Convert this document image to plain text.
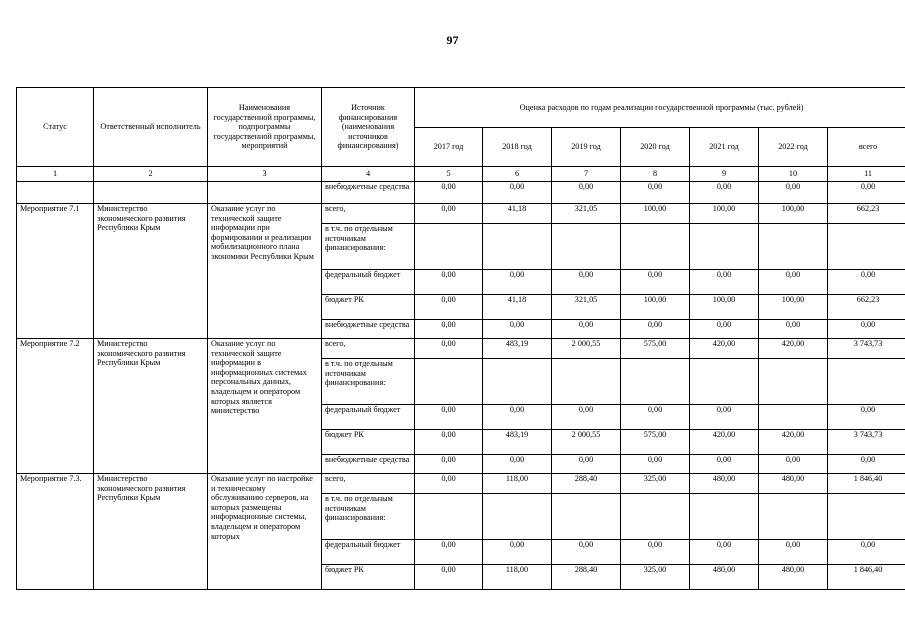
97
Статус	Ответственный исполнитель	Наименования государственной программы, подпрограммы государственной программы, мероприятий	Источник финансирования (наименования источников финансирования)	Оценка расходов по годам реализации государственной программы (тыс. рублей)						
				2017 год	2018 год	2019 год	2020 год	2021 год	2022 год	всего
1	2	3	4	5	6	7	8	9	10	11
			внебюджетные средства	0,00	0,00	0,00	0,00	0,00	0,00	0,00
Мероприятие 7.1	Министерство экономического развития Республики Крым	Оказание услуг по технической защите информации при формировании и реализации мобилизационного плана экономики Республики Крым	всего,	0,00	41,18	321,05	100,00	100,00	100,00	662,23
			в т.ч. по отдельным источникам финансирования:							
			федеральный бюджет	0,00	0,00	0,00	0,00	0,00	0,00	0,00
			бюджет РК	0,00	41,18	321,05	100,00	100,00	100,00	662,23
			внебюджетные средства	0,00	0,00	0,00	0,00	0,00	0,00	0,00
Мероприятие 7.2	Министерство экономического развития Республики Крым	Оказание услуг по технической защите информации в информационных системах персональных данных, владельцем и оператором которых является министерство	всего,	0,00	483,19	2 000,55	575,00	420,00	420,00	3 743,73
			в т.ч. по отдельным источникам финансирования:							
			федеральный бюджет	0,00	0,00	0,00	0,00	0,00		0,00
			бюджет РК	0,00	483,19	2 000,55	575,00	420,00	420,00	3 743,73
			внебюджетные средства	0,00	0,00	0,00	0,00	0,00	0,00	0,00
Мероприятие 7.3.	Министерство экономического развития Республики Крым	Оказание услуг по настройке и техническому обслуживанию серверов, на которых размещены информационные системы, владельцем и оператором которых	всего,	0,00	118,00	288,40	325,00	480,00	480,00	1 846,40
			в т.ч. по отдельным источникам финансирования:							
			федеральный бюджет	0,00	0,00	0,00	0,00	0,00	0,00	0,00
			бюджет РК	0,00	118,00	288,40	325,00	480,00	480,00	1 846,40
